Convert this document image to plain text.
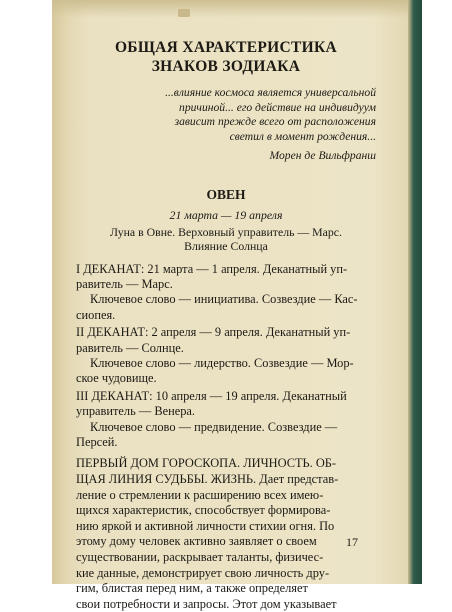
ОБЩАЯ ХАРАКТЕРИСТИКА
ЗНАКОВ ЗОДИАКА
...влияние космоса является универсальной
причиной... его действие на индивидуум
зависит прежде всего от расположения
светил в момент рождения...
Морен де Вильфранш
ОВЕН
21 марта — 19 апреля
Луна в Овне. Верховный управитель — Марс.
Влияние Солнца
I ДЕКАНАТ: 21 марта — 1 апреля. Деканатный уп-
равитель — Марс.
Ключевое слово — инициатива. Созвездие — Кас-
сиопея.
II ДЕКАНАТ: 2 апреля — 9 апреля. Деканатный уп-
равитель — Солнце.
Ключевое слово — лидерство. Созвездие — Мор-
ское чудовище.
III ДЕКАНАТ: 10 апреля — 19 апреля. Деканатный
управитель — Венера.
Ключевое слово — предвидение. Созвездие —
Персей.
ПЕРВЫЙ ДОМ ГОРОСКОПА. ЛИЧНОСТЬ. ОБ-
ЩАЯ ЛИНИЯ СУДЬБЫ. ЖИЗНЬ. Дает представ-
ление о стремлении к расширению всех имею-
щихся характеристик, способствует формирова-
нию яркой и активной личности стихии огня. По
этому дому человек активно заявляет о своем
существовании, раскрывает таланты, физичес-
кие данные, демонстрирует свою личность дру-
гим, блистая перед ним, а также определяет
свои потребности и запросы. Этот дом указывает
17
